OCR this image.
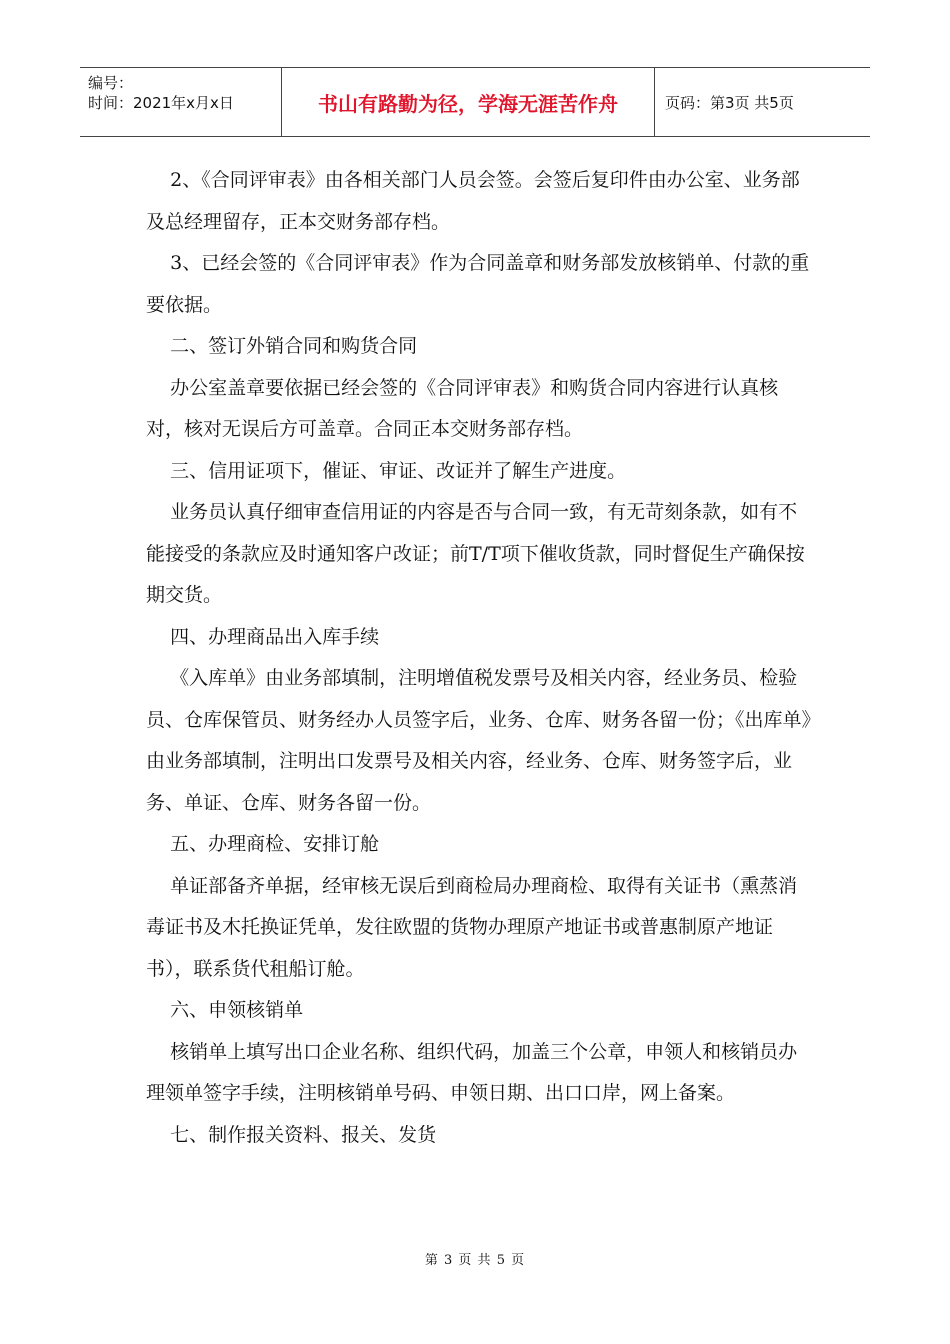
编号：
时间：2021年x月x日	书山有路勤为径，学海无涯苦作舟	页码：第3页 共5页

2、《合同评审表》由各相关部门人员会签。会签后复印件由办公室、业务部及总经理留存，正本交财务部存档。

3、已经会签的《合同评审表》作为合同盖章和财务部发放核销单、付款的重要依据。

二、签订外销合同和购货合同

办公室盖章要依据已经会签的《合同评审表》和购货合同内容进行认真核对，核对无误后方可盖章。合同正本交财务部存档。

三、信用证项下，催证、审证、改证并了解生产进度。

业务员认真仔细审查信用证的内容是否与合同一致，有无苛刻条款，如有不能接受的条款应及时通知客户改证；前T/T项下催收货款，同时督促生产确保按期交货。

四、办理商品出入库手续

《入库单》由业务部填制，注明增值税发票号及相关内容，经业务员、检验员、仓库保管员、财务经办人员签字后，业务、仓库、财务各留一份；《出库单》由业务部填制，注明出口发票号及相关内容，经业务、仓库、财务签字后，业务、单证、仓库、财务各留一份。

五、办理商检、安排订舱

单证部备齐单据，经审核无误后到商检局办理商检、取得有关证书（熏蒸消毒证书及木托换证凭单，发往欧盟的货物办理原产地证书或普惠制原产地证书），联系货代租船订舱。

六、申领核销单

核销单上填写出口企业名称、组织代码，加盖三个公章，申领人和核销员办理领单签字手续，注明核销单号码、申领日期、出口口岸，网上备案。

七、制作报关资料、报关、发货

第 3 页 共 5 页
